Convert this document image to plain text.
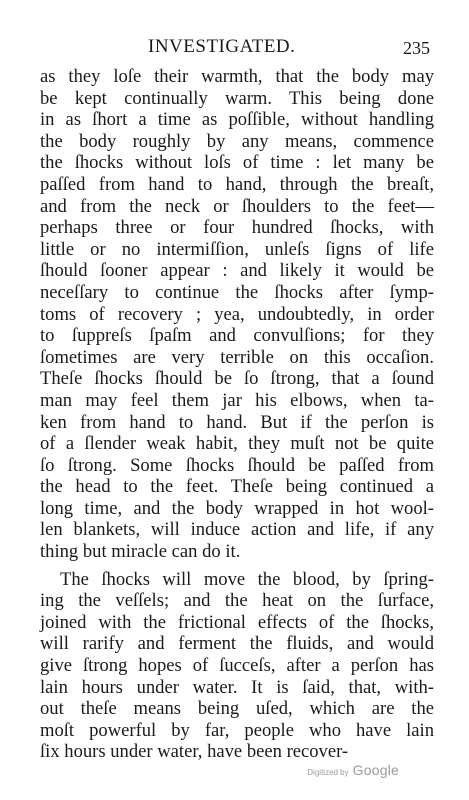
INVESTIGATED.	235
as they loſe their warmth, that the body may
be kept continually warm. This being done
in as ſhort a time as poſſible, without handling
the body roughly by any means, commence
the ſhocks without loſs of time : let many be
paſſed from hand to hand, through the breaſt,
and from the neck or ſhoulders to the feet—
perhaps three or four hundred ſhocks, with
little or no intermiſſion, unleſs ſigns of life
ſhould ſooner appear : and likely it would be
neceſſary to continue the ſhocks after ſymp-
toms of recovery ; yea, undoubtedly, in order
to ſuppreſs ſpaſm and convulſions; for they
ſometimes are very terrible on this occaſion.
Theſe ſhocks ſhould be ſo ſtrong, that a ſound
man may feel them jar his elbows, when ta-
ken from hand to hand. But if the perſon is
of a ſlender weak habit, they muſt not be quite
ſo ſtrong. Some ſhocks ſhould be paſſed from
the head to the feet. Theſe being continued a
long time, and the body wrapped in hot wool-
len blankets, will induce action and life, if any
thing but miracle can do it.
The ſhocks will move the blood, by ſpring-
ing the veſſels; and the heat on the ſurface,
joined with the frictional effects of the ſhocks,
will rarify and ferment the fluids, and would
give ſtrong hopes of ſucceſs, after a perſon has
lain hours under water. It is ſaid, that, with-
out theſe means being uſed, which are the
moſt powerful by far, people who have lain
ſix hours under water, have been recover-
Digitized by Google
